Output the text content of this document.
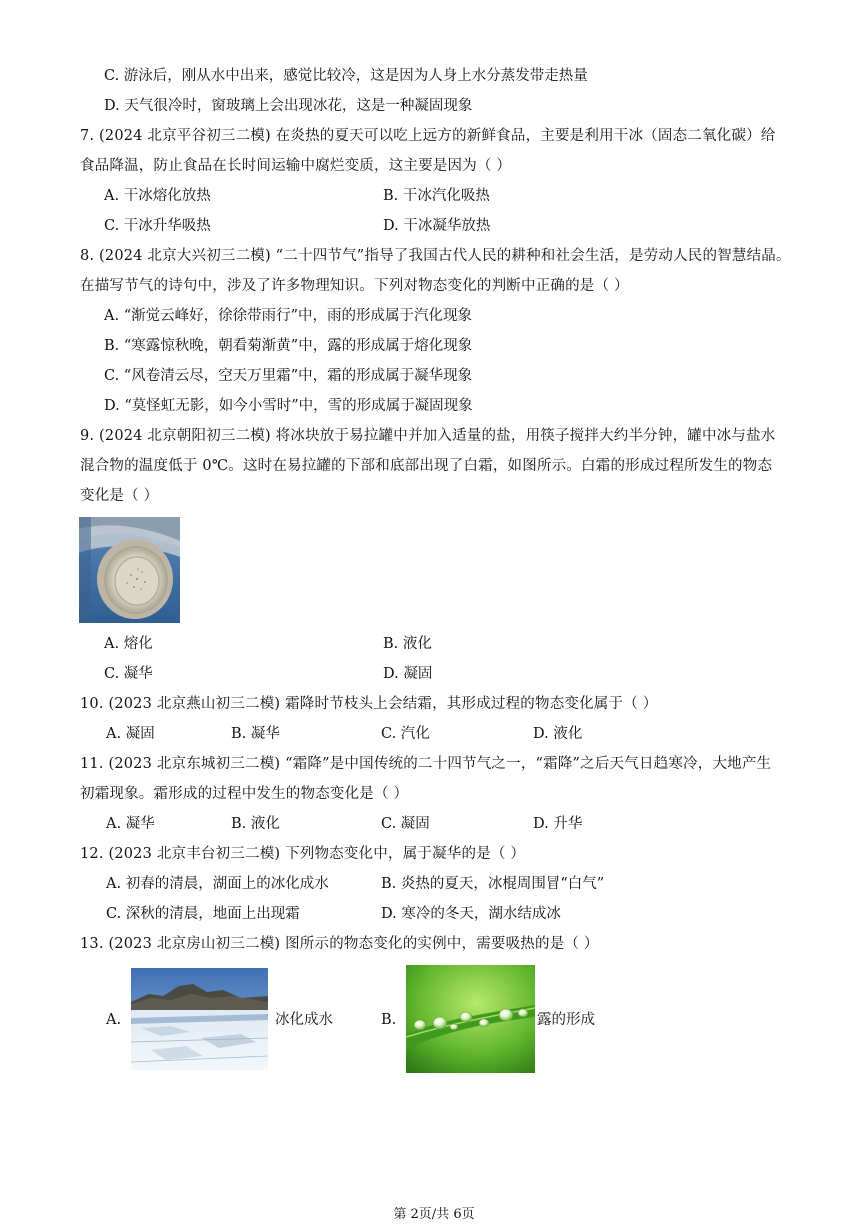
C. 游泳后，刚从水中出来，感觉比较冷，这是因为人身上水分蒸发带走热量
D. 天气很冷时，窗玻璃上会出现冰花，这是一种凝固现象
7. (2024 北京平谷初三二模) 在炎热的夏天可以吃上远方的新鲜食品，主要是利用干冰（固态二氧化碳）给
食品降温，防止食品在长时间运输中腐烂变质，这主要是因为（ ）
A. 干冰熔化放热	B. 干冰汽化吸热
C. 干冰升华吸热	D. 干冰凝华放热
8. (2024 北京大兴初三二模) “二十四节气”指导了我国古代人民的耕种和社会生活，是劳动人民的智慧结晶。
在描写节气的诗句中，涉及了许多物理知识。下列对物态变化的判断中正确的是（ ）
A. “渐觉云峰好，徐徐带雨行”中，雨的形成属于汽化现象
B. “寒露惊秋晚，朝看菊渐黄”中，露的形成属于熔化现象
C. “风卷清云尽，空天万里霜”中，霜的形成属于凝华现象
D. “莫怪虹无影，如今小雪时”中，雪的形成属于凝固现象
9. (2024 北京朝阳初三二模) 将冰块放于易拉罐中并加入适量的盐，用筷子搅拌大约半分钟，罐中冰与盐水
混合物的温度低于 0℃。这时在易拉罐的下部和底部出现了白霜，如图所示。白霜的形成过程所发生的物态
变化是（ ）
A. 熔化	B. 液化
C. 凝华	D. 凝固
10. (2023 北京燕山初三二模) 霜降时节枝头上会结霜，其形成过程的物态变化属于（ ）
A. 凝固	B. 凝华	C. 汽化	D. 液化
11. (2023 北京东城初三二模) “霜降”是中国传统的二十四节气之一，“霜降”之后天气日趋寒冷，大地产生
初霜现象。霜形成的过程中发生的物态变化是（ ）
A. 凝华	B. 液化	C. 凝固	D. 升华
12. (2023 北京丰台初三二模) 下列物态变化中，属于凝华的是（ ）
A. 初春的清晨，湖面上的冰化成水	B. 炎热的夏天，冰棍周围冒“白气”
C. 深秋的清晨，地面上出现霜	D. 寒冷的冬天，湖水结成冰
13. (2023 北京房山初三二模) 图所示的物态变化的实例中，需要吸热的是（ ）
A.	冰化成水	B.	露的形成
第 2页/共 6页
